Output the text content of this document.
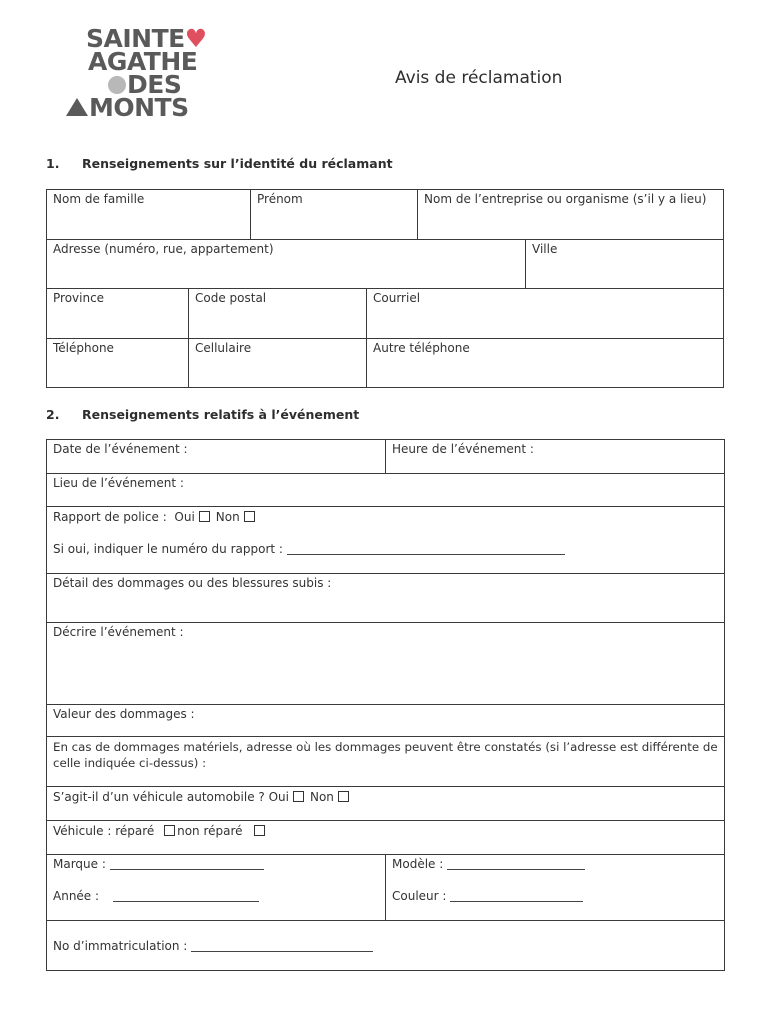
SAINTE♥
AGATHE
DES
MONTS
Avis de réclamation
1. Renseignements sur l’identité du réclamant
Nom de famille	Prénom	Nom de l’entreprise ou organisme (s’il y a lieu)
Adresse (numéro, rue, appartement)	Ville
Province	Code postal	Courriel
Téléphone	Cellulaire	Autre téléphone
2. Renseignements relatifs à l’événement
Date de l’événement :	Heure de l’événement :
Lieu de l’événement :
Rapport de police : Oui Non
Si oui, indiquer le numéro du rapport :
Détail des dommages ou des blessures subis :
Décrire l’événement :
Valeur des dommages :
En cas de dommages matériels, adresse où les dommages peuvent être constatés (si l’adresse est différente de
celle indiquée ci-dessus) :
S’agit-il d’un véhicule automobile ? Oui Non
Véhicule : réparé non réparé
Marque :	Modèle :
Année :	Couleur :
No d’immatriculation :
